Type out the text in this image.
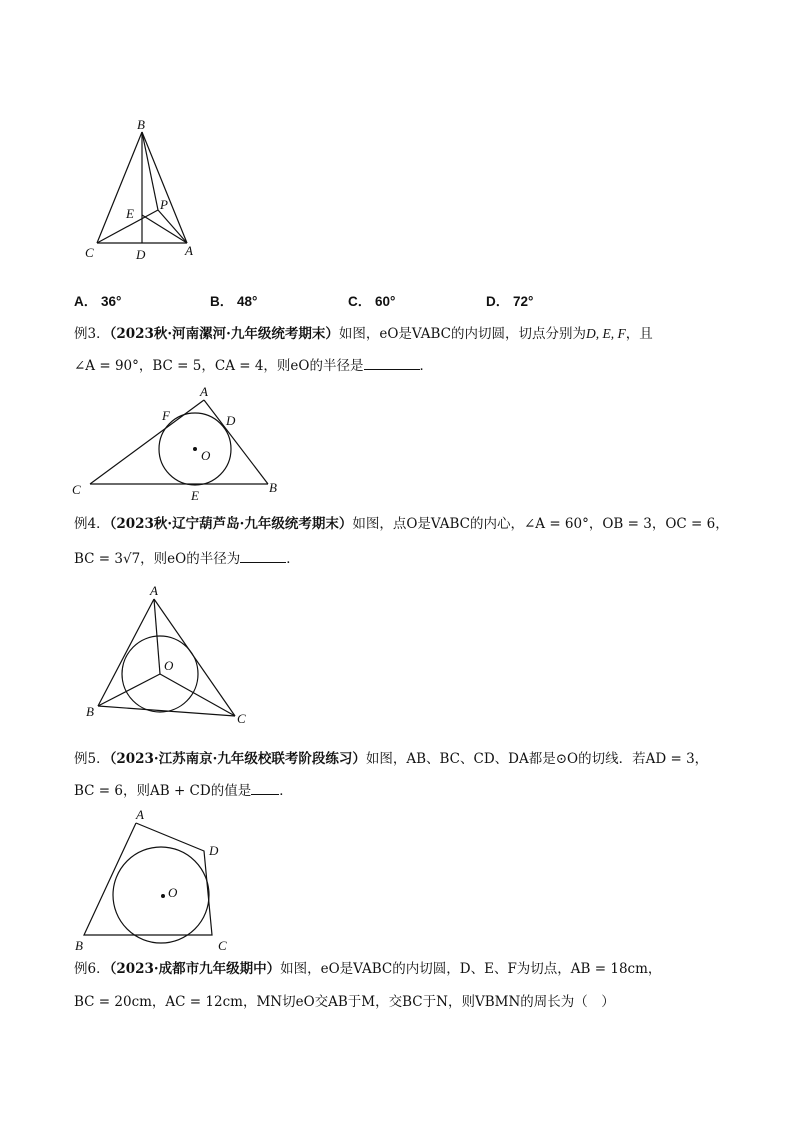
B
E
P
C	D	A
A． 36°	B． 48°	C． 60°	D． 72°
例3．（2023秋·河南漯河·九年级统考期末）如图，eO是VABC的内切圆，切点分别为D, E, F，且
∠A = 90°，BC = 5，CA = 4，则eO的半径是	．
O
A
F	D
C	E
B
例4．（2023秋·辽宁葫芦岛·九年级统考期末）如图，点O是VABC的内心，∠A = 60°，OB = 3，OC = 6，
BC = 3√7，则eO的半径为	．
A
O
B	C
例5．（2023·江苏南京·九年级校联考阶段练习）如图，AB、BC、CD、DA都是⊙O的切线．若AD = 3，
BC = 6，则AB + CD的值是 ．
O
A
D
B	C
例6．（2023·成都市九年级期中）如图，eO是VABC的内切圆，D、E、F为切点，AB = 18cm，
BC = 20cm，AC = 12cm，MN切eO交AB于M，交BC于N，则VBMN的周长为（　）
